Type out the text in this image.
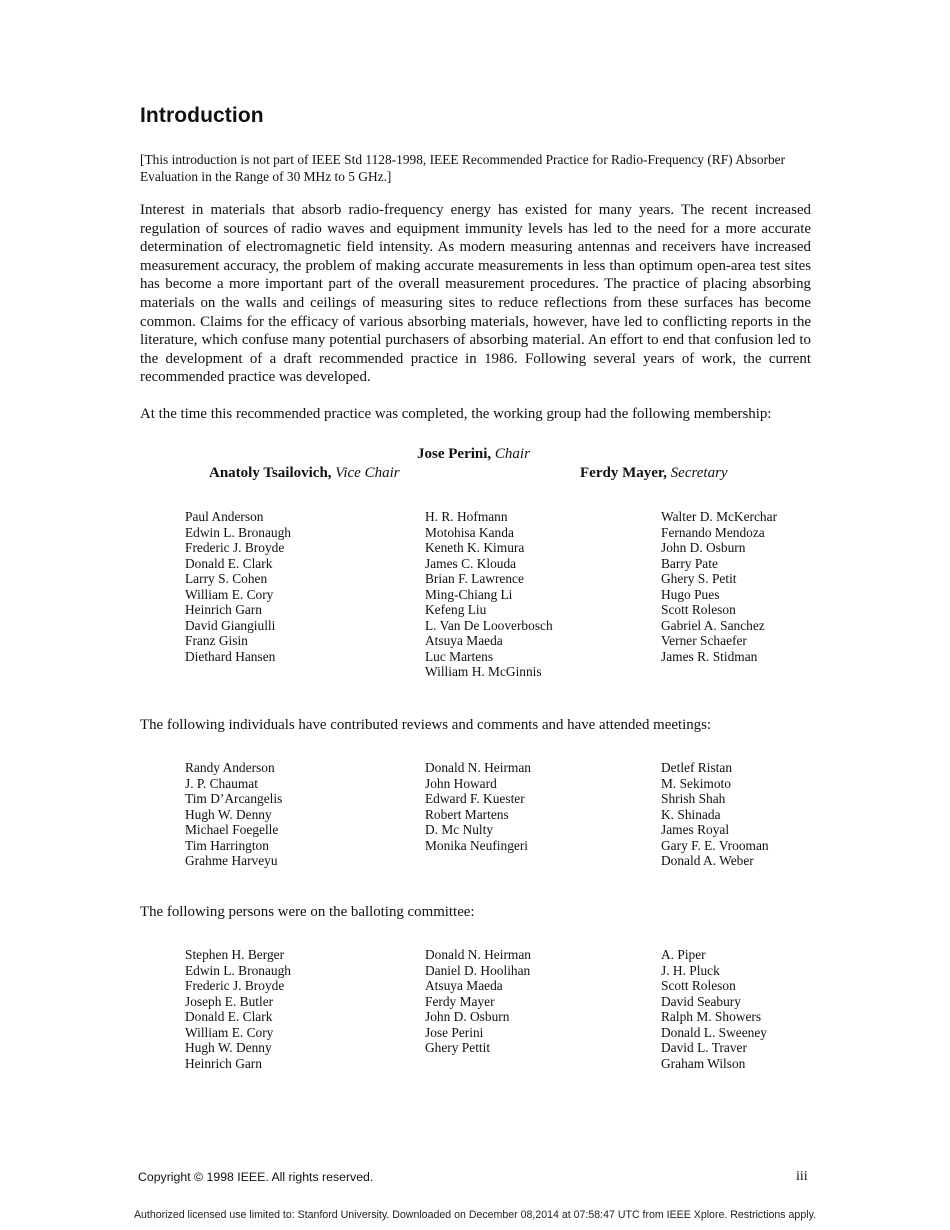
Introduction
[This introduction is not part of IEEE Std 1128-1998, IEEE Recommended Practice for Radio-Frequency (RF) Absorber Evaluation in the Range of 30 MHz to 5 GHz.]
Interest in materials that absorb radio-frequency energy has existed for many years. The recent increased regulation of sources of radio waves and equipment immunity levels has led to the need for a more accurate determination of electromagnetic field intensity. As modern measuring antennas and receivers have increased measurement accuracy, the problem of making accurate measurements in less than optimum open-area test sites has become a more important part of the overall measurement procedures. The practice of placing absorbing materials on the walls and ceilings of measuring sites to reduce reflections from these surfaces has become common. Claims for the efficacy of various absorbing materials, however, have led to conflicting reports in the literature, which confuse many potential purchasers of absorbing material. An effort to end that confusion led to the development of a draft recommended practice in 1986. Following several years of work, the current recommended practice was developed.
At the time this recommended practice was completed, the working group had the following membership:
Jose Perini, Chair
Anatoly Tsailovich, Vice Chair	Ferdy Mayer, Secretary
Paul Anderson
Edwin L. Bronaugh
Frederic J. Broyde
Donald E. Clark
Larry S. Cohen
William E. Cory
Heinrich Garn
David Giangiulli
Franz Gisin
Diethard Hansen
H. R. Hofmann
Motohisa Kanda
Keneth K. Kimura
James C. Klouda
Brian F. Lawrence
Ming-Chiang Li
Kefeng Liu
L. Van De Looverbosch
Atsuya Maeda
Luc Martens
William H. McGinnis
Walter D. McKerchar
Fernando Mendoza
John D. Osburn
Barry Pate
Ghery S. Petit
Hugo Pues
Scott Roleson
Gabriel A. Sanchez
Verner Schaefer
James R. Stidman
The following individuals have contributed reviews and comments and have attended meetings:
Randy Anderson
J. P. Chaumat
Tim D’Arcangelis
Hugh W. Denny
Michael Foegelle
Tim Harrington
Grahme Harveyu
Donald N. Heirman
John Howard
Edward F. Kuester
Robert Martens
D. Mc Nulty
Monika Neufingeri
Detlef Ristan
M. Sekimoto
Shrish Shah
K. Shinada
James Royal
Gary F. E. Vrooman
Donald A. Weber
The following persons were on the balloting committee:
Stephen H. Berger
Edwin L. Bronaugh
Frederic J. Broyde
Joseph E. Butler
Donald E. Clark
William E. Cory
Hugh W. Denny
Heinrich Garn
Donald N. Heirman
Daniel D. Hoolihan
Atsuya Maeda
Ferdy Mayer
John D. Osburn
Jose Perini
Ghery Pettit
A. Piper
J. H. Pluck
Scott Roleson
David Seabury
Ralph M. Showers
Donald L. Sweeney
David L. Traver
Graham Wilson
Copyright © 1998 IEEE. All rights reserved.	iii
Authorized licensed use limited to: Stanford University. Downloaded on December 08,2014 at 07:58:47 UTC from IEEE Xplore. Restrictions apply.
